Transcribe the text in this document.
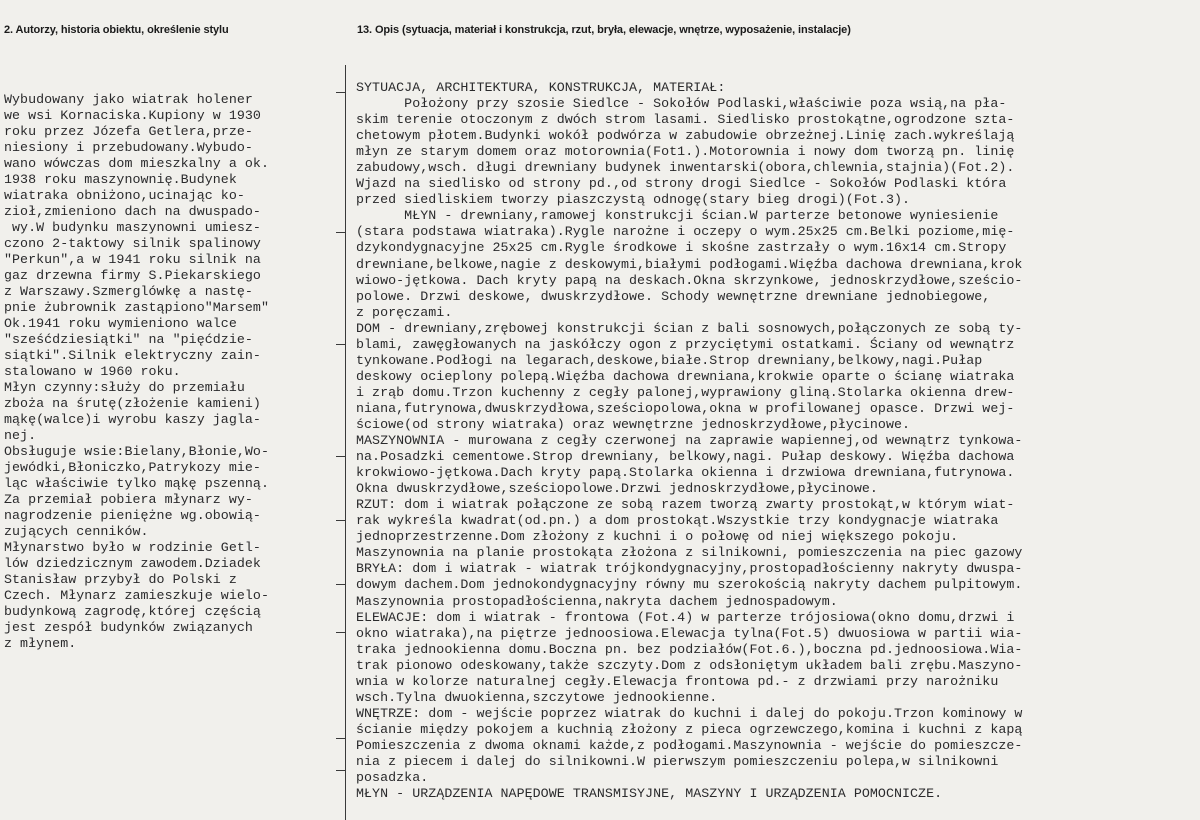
2. Autorzy, historia obiektu, określenie stylu	13. Opis (sytuacja, materiał i konstrukcja, rzut, bryła, elewacje, wnętrze, wyposażenie, instalacje)
Wybudowany jako wiatrak holener
we wsi Kornaciska.Kupiony w 1930
roku przez Józefa Getlera,prze-
niesiony i przebudowany.Wybudo-
wano wówczas dom mieszkalny a ok.
1938 roku maszynownię.Budynek
wiatraka obniżono,ucinając ko-
zioł,zmieniono dach na dwuspado-
wy.W budynku maszynowni umiesz-
czono 2-taktowy silnik spalinowy
"Perkun",a w 1941 roku silnik na
gaz drzewna firmy S.Piekarskiego
z Warszawy.Szmerglówkę a nastę-
pnie żubrownik zastąpiono"Marsem"
Ok.1941 roku wymieniono walce
"sześćdziesiątki" na "pięćdzie-
siątki".Silnik elektryczny zain-
stalowano w 1960 roku.
Młyn czynny:służy do przemiału
zboża na śrutę(złożenie kamieni)
mąkę(walce)i wyrobu kaszy jagla-
nej.
Obsługuje wsie:Bielany,Błonie,Wo-
jewódki,Błoniczko,Patrykozy mie-
ląc właściwie tylko mąkę pszenną.
Za przemiał pobiera młynarz wy-
nagrodzenie pieniężne wg.obowią-
zujących cenników.
Młynarstwo było w rodzinie Getl-
lów dziedzicznym zawodem.Dziadek
Stanisław przybył do Polski z
Czech. Młynarz zamieszkuje wielo-
budynkową zagrodę,której częścią
jest zespół budynków związanych
z młynem.
SYTUACJA, ARCHITEKTURA, KONSTRUKCJA, MATERIAŁ:
Położony przy szosie Siedlce - Sokołów Podlaski,właściwie poza wsią,na pła-
skim terenie otoczonym z dwóch strom lasami. Siedlisko prostokątne,ogrodzone szta-
chetowym płotem.Budynki wokół podwórza w zabudowie obrzeżnej.Linię zach.wykreślają
młyn ze starym domem oraz motorownia(Fot1.).Motorownia i nowy dom tworzą pn. linię
zabudowy,wsch. długi drewniany budynek inwentarski(obora,chlewnia,stajnia)(Fot.2).
Wjazd na siedlisko od strony pd.,od strony drogi Siedlce - Sokołów Podlaski która
przed siedliskiem tworzy piaszczystą odnogę(stary bieg drogi)(Fot.3).
MŁYN - drewniany,ramowej konstrukcji ścian.W parterze betonowe wyniesienie
(stara podstawa wiatraka).Rygle narożne i oczepy o wym.25x25 cm.Belki poziome,mię-
dzykondygnacyjne 25x25 cm.Rygle środkowe i skośne zastrzały o wym.16x14 cm.Stropy
drewniane,belkowe,nagie z deskowymi,białymi podłogami.Więźba dachowa drewniana,krok
wiowo-jętkowa. Dach kryty papą na deskach.Okna skrzynkowe, jednoskrzydłowe,sześcio-
polowe. Drzwi deskowe, dwuskrzydłowe. Schody wewnętrzne drewniane jednobiegowe,
z poręczami.
DOM - drewniany,zrębowej konstrukcji ścian z bali sosnowych,połączonych ze sobą ty-
blami, zawęgłowanych na jaskółczy ogon z przyciętymi ostatkami. Ściany od wewnątrz
tynkowane.Podłogi na legarach,deskowe,białe.Strop drewniany,belkowy,nagi.Pułap
deskowy ocieplony polepą.Więźba dachowa drewniana,krokwie oparte o ścianę wiatraka
i zrąb domu.Trzon kuchenny z cegły palonej,wyprawiony gliną.Stolarka okienna drew-
niana,futrynowa,dwuskrzydłowa,sześciopolowa,okna w profilowanej opasce. Drzwi wej-
ściowe(od strony wiatraka) oraz wewnętrzne jednoskrzydłowe,płycinowe.
MASZYNOWNIA - murowana z cegły czerwonej na zaprawie wapiennej,od wewnątrz tynkowa-
na.Posadzki cementowe.Strop drewniany, belkowy,nagi. Pułap deskowy. Więźba dachowa
krokwiowo-jętkowa.Dach kryty papą.Stolarka okienna i drzwiowa drewniana,futrynowa.
Okna dwuskrzydłowe,sześciopolowe.Drzwi jednoskrzydłowe,płycinowe.
RZUT: dom i wiatrak połączone ze sobą razem tworzą zwarty prostokąt,w którym wiat-
rak wykreśla kwadrat(od.pn.) a dom prostokąt.Wszystkie trzy kondygnacje wiatraka
jednoprzestrzenne.Dom złożony z kuchni i o połowę od niej większego pokoju.
Maszynownia na planie prostokąta złożona z silnikowni, pomieszczenia na piec gazowy
BRYŁA: dom i wiatrak - wiatrak trójkondygnacyjny,prostopadłościenny nakryty dwuspa-
dowym dachem.Dom jednokondygnacyjny równy mu szerokością nakryty dachem pulpitowym.
Maszynownia prostopadłościenna,nakryta dachem jednospadowym.
ELEWACJE: dom i wiatrak - frontowa (Fot.4) w parterze trójosiowa(okno domu,drzwi i
okno wiatraka),na piętrze jednoosiowa.Elewacja tylna(Fot.5) dwuosiowa w partii wia-
traka jednookienna domu.Boczna pn. bez podziałów(Fot.6.),boczna pd.jednoosiowa.Wia-
trak pionowo odeskowany,także szczyty.Dom z odsłoniętym układem bali zrębu.Maszyno-
wnia w kolorze naturalnej cegły.Elewacja frontowa pd.- z drzwiami przy narożniku
wsch.Tylna dwuokienna,szczytowe jednookienne.
WNĘTRZE: dom - wejście poprzez wiatrak do kuchni i dalej do pokoju.Trzon kominowy w
ścianie między pokojem a kuchnią złożony z pieca ogrzewczego,komina i kuchni z kapą
Pomieszczenia z dwoma oknami każde,z podłogami.Maszynownia - wejście do pomieszcze-
nia z piecem i dalej do silnikowni.W pierwszym pomieszczeniu polepa,w silnikowni
posadzka.
MŁYN - URZĄDZENIA NAPĘDOWE TRANSMISYJNE, MASZYNY I URZĄDZENIA POMOCNICZE.
